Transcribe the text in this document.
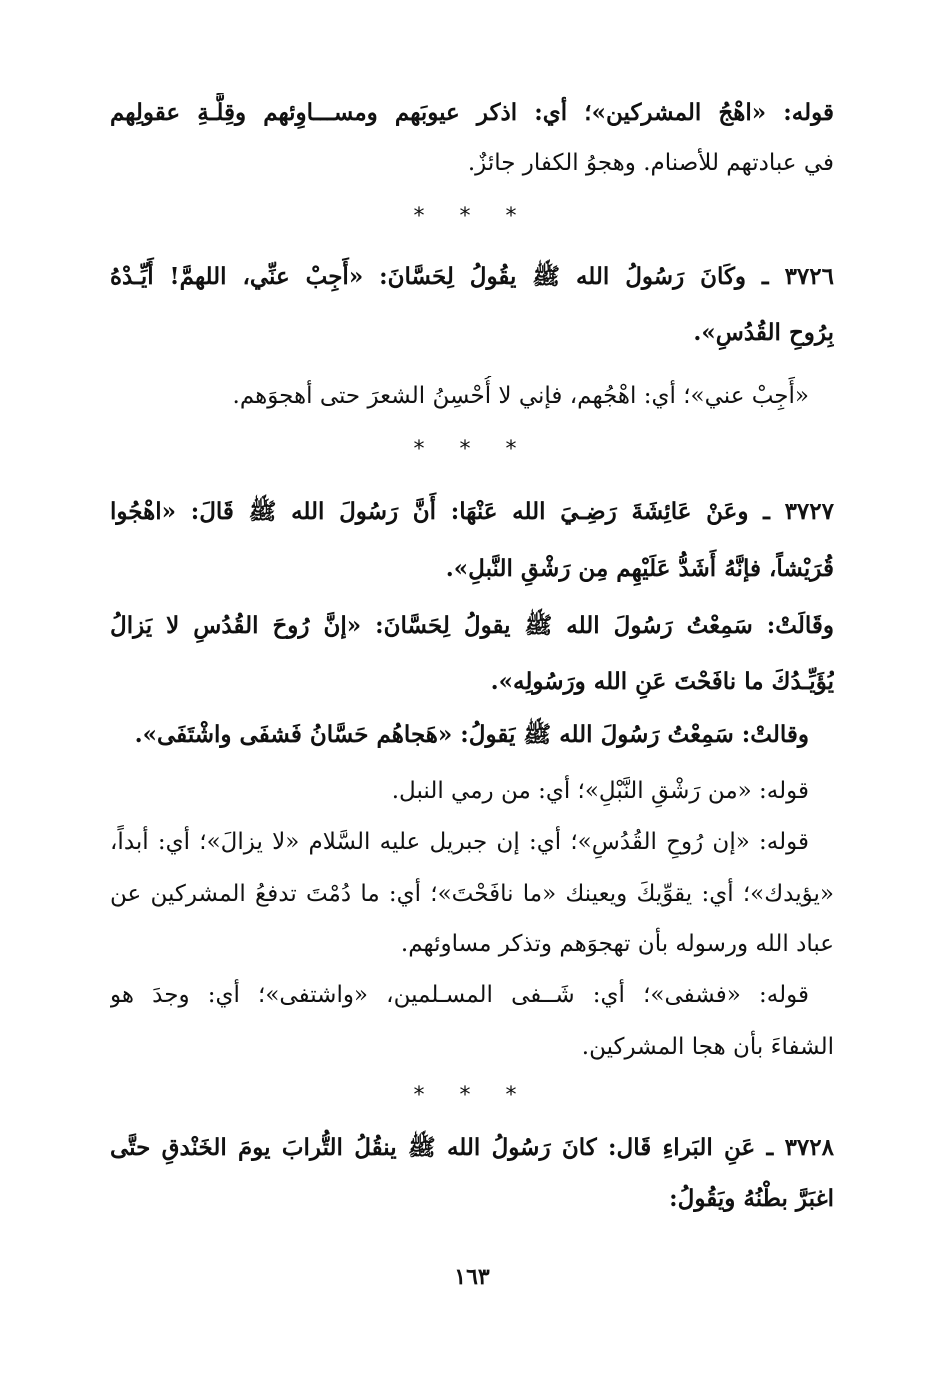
قوله: «اهْجُ المشركين»؛ أي: اذكر عيوبَهم ومســـاوِئهم وقِلَّـةِ عقولِهم
في عبادتهم للأصنام. وهجوُ الكفار جائزٌ.
* * *
٣٧٢٦ ـ وكَانَ رَسُولُ الله ﷺ يقُولُ لِحَسَّانَ: «أَجِبْ عنِّي، اللهمَّ! أَيِّـدْهُ
بِرُوحِ القُدُسِ».
«أَجِبْ عني»؛ أي: اهْجُهم، فإني لا أُحْسِنُ الشعرَ حتى أهجوَهم.
* * *
٣٧٢٧ ـ وعَنْ عَائِشَةَ رَضِـيَ الله عَنْهَا: أَنَّ رَسُولَ الله ﷺ قَالَ: «اهْجُوا
قُرَيْشاً، فإنَّهُ أَشَدُّ عَلَيْهِم مِن رَشْقِ النَّبلِ».
وقَالَتْ: سَمِعْتُ رَسُولَ الله ﷺ يقولُ لِحَسَّانَ: «إنَّ رُوحَ القُدُسِ لا يَزالُ
يُؤَيِّـدُكَ ما نافَحْتَ عَنِ الله ورَسُولِه».
وقالتْ: سَمِعْتُ رَسُولَ الله ﷺ يَقولُ: «هَجاهُم حَسَّانُ فَشفَى واشْتَفَى».
قوله: «من رَشْقِ النَّبْلِ»؛ أي: من رمي النبل.
قوله: «إن رُوحِ القُدُسِ»؛ أي: إن جبريل عليه السَّلام «لا يزالَ»؛ أي: أبداً،
«يؤيدك»؛ أي: يقوِّيكَ ويعينك «ما نافَحْتَ»؛ أي: ما دُمْتَ تدفعُ المشركين عن
عباد الله ورسوله بأن تهجوَهم وتذكر مساوئهم.
قوله: «فشفى»؛ أي: شَــفى المسـلمين، «واشتفى»؛ أي: وجدَ هو
الشفاءَ بأن هجا المشركين.
* * *
٣٧٢٨ ـ عَنِ البَراءِ قَال: كانَ رَسُولُ الله ﷺ ينقُلُ التُّرابَ يومَ الخَنْدقِ حتَّى
اغبَرَّ بطْنُهُ ويَقُولُ:
١٦٣
